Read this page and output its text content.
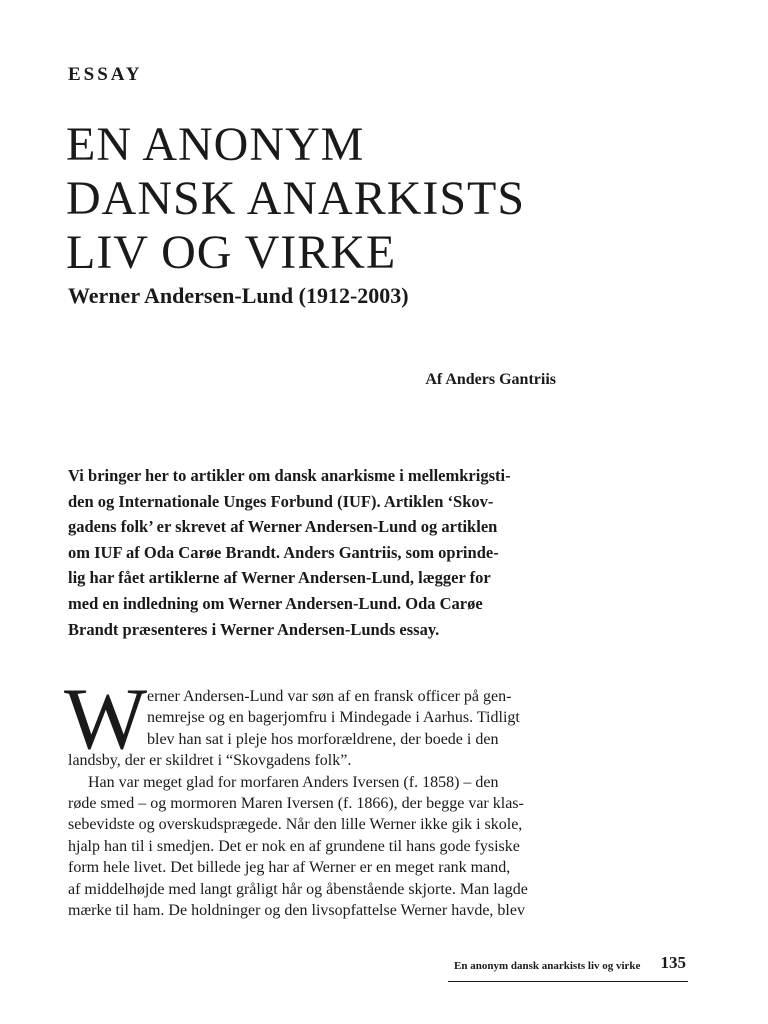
ESSAY
EN ANONYM
DANSK ANARKISTS
LIV OG VIRKE
Werner Andersen-Lund (1912-2003)
Af Anders Gantriis
Vi bringer her to artikler om dansk anarkisme i mellemkrigsti-
den og Internationale Unges Forbund (IUF). Artiklen ‘Skov-
gadens folk’ er skrevet af Werner Andersen-Lund og artiklen
om IUF af Oda Carøe Brandt. Anders Gantriis, som oprinde-
lig har fået artiklerne af Werner Andersen-Lund, lægger for
med en indledning om Werner Andersen-Lund. Oda Carøe
Brandt præsenteres i Werner Andersen-Lunds essay.
W erner Andersen-Lund var søn af en fransk officer på gen-
nemrejse og en bagerjomfru i Mindegade i Aarhus. Tidligt
blev han sat i pleje hos morforældrene, der boede i den
landsby, der er skildret i “Skovgadens folk”.
Han var meget glad for morfaren Anders Iversen (f. 1858) – den
røde smed – og mormoren Maren Iversen (f. 1866), der begge var klas-
sebevidste og overskudsprægede. Når den lille Werner ikke gik i skole,
hjalp han til i smedjen. Det er nok en af grundene til hans gode fysiske
form hele livet. Det billede jeg har af Werner er en meget rank mand,
af middelhøjde med langt gråligt hår og åbenstående skjorte. Man lagde
mærke til ham. De holdninger og den livsopfattelse Werner havde, blev
En anonym dansk anarkists liv og virke 135
